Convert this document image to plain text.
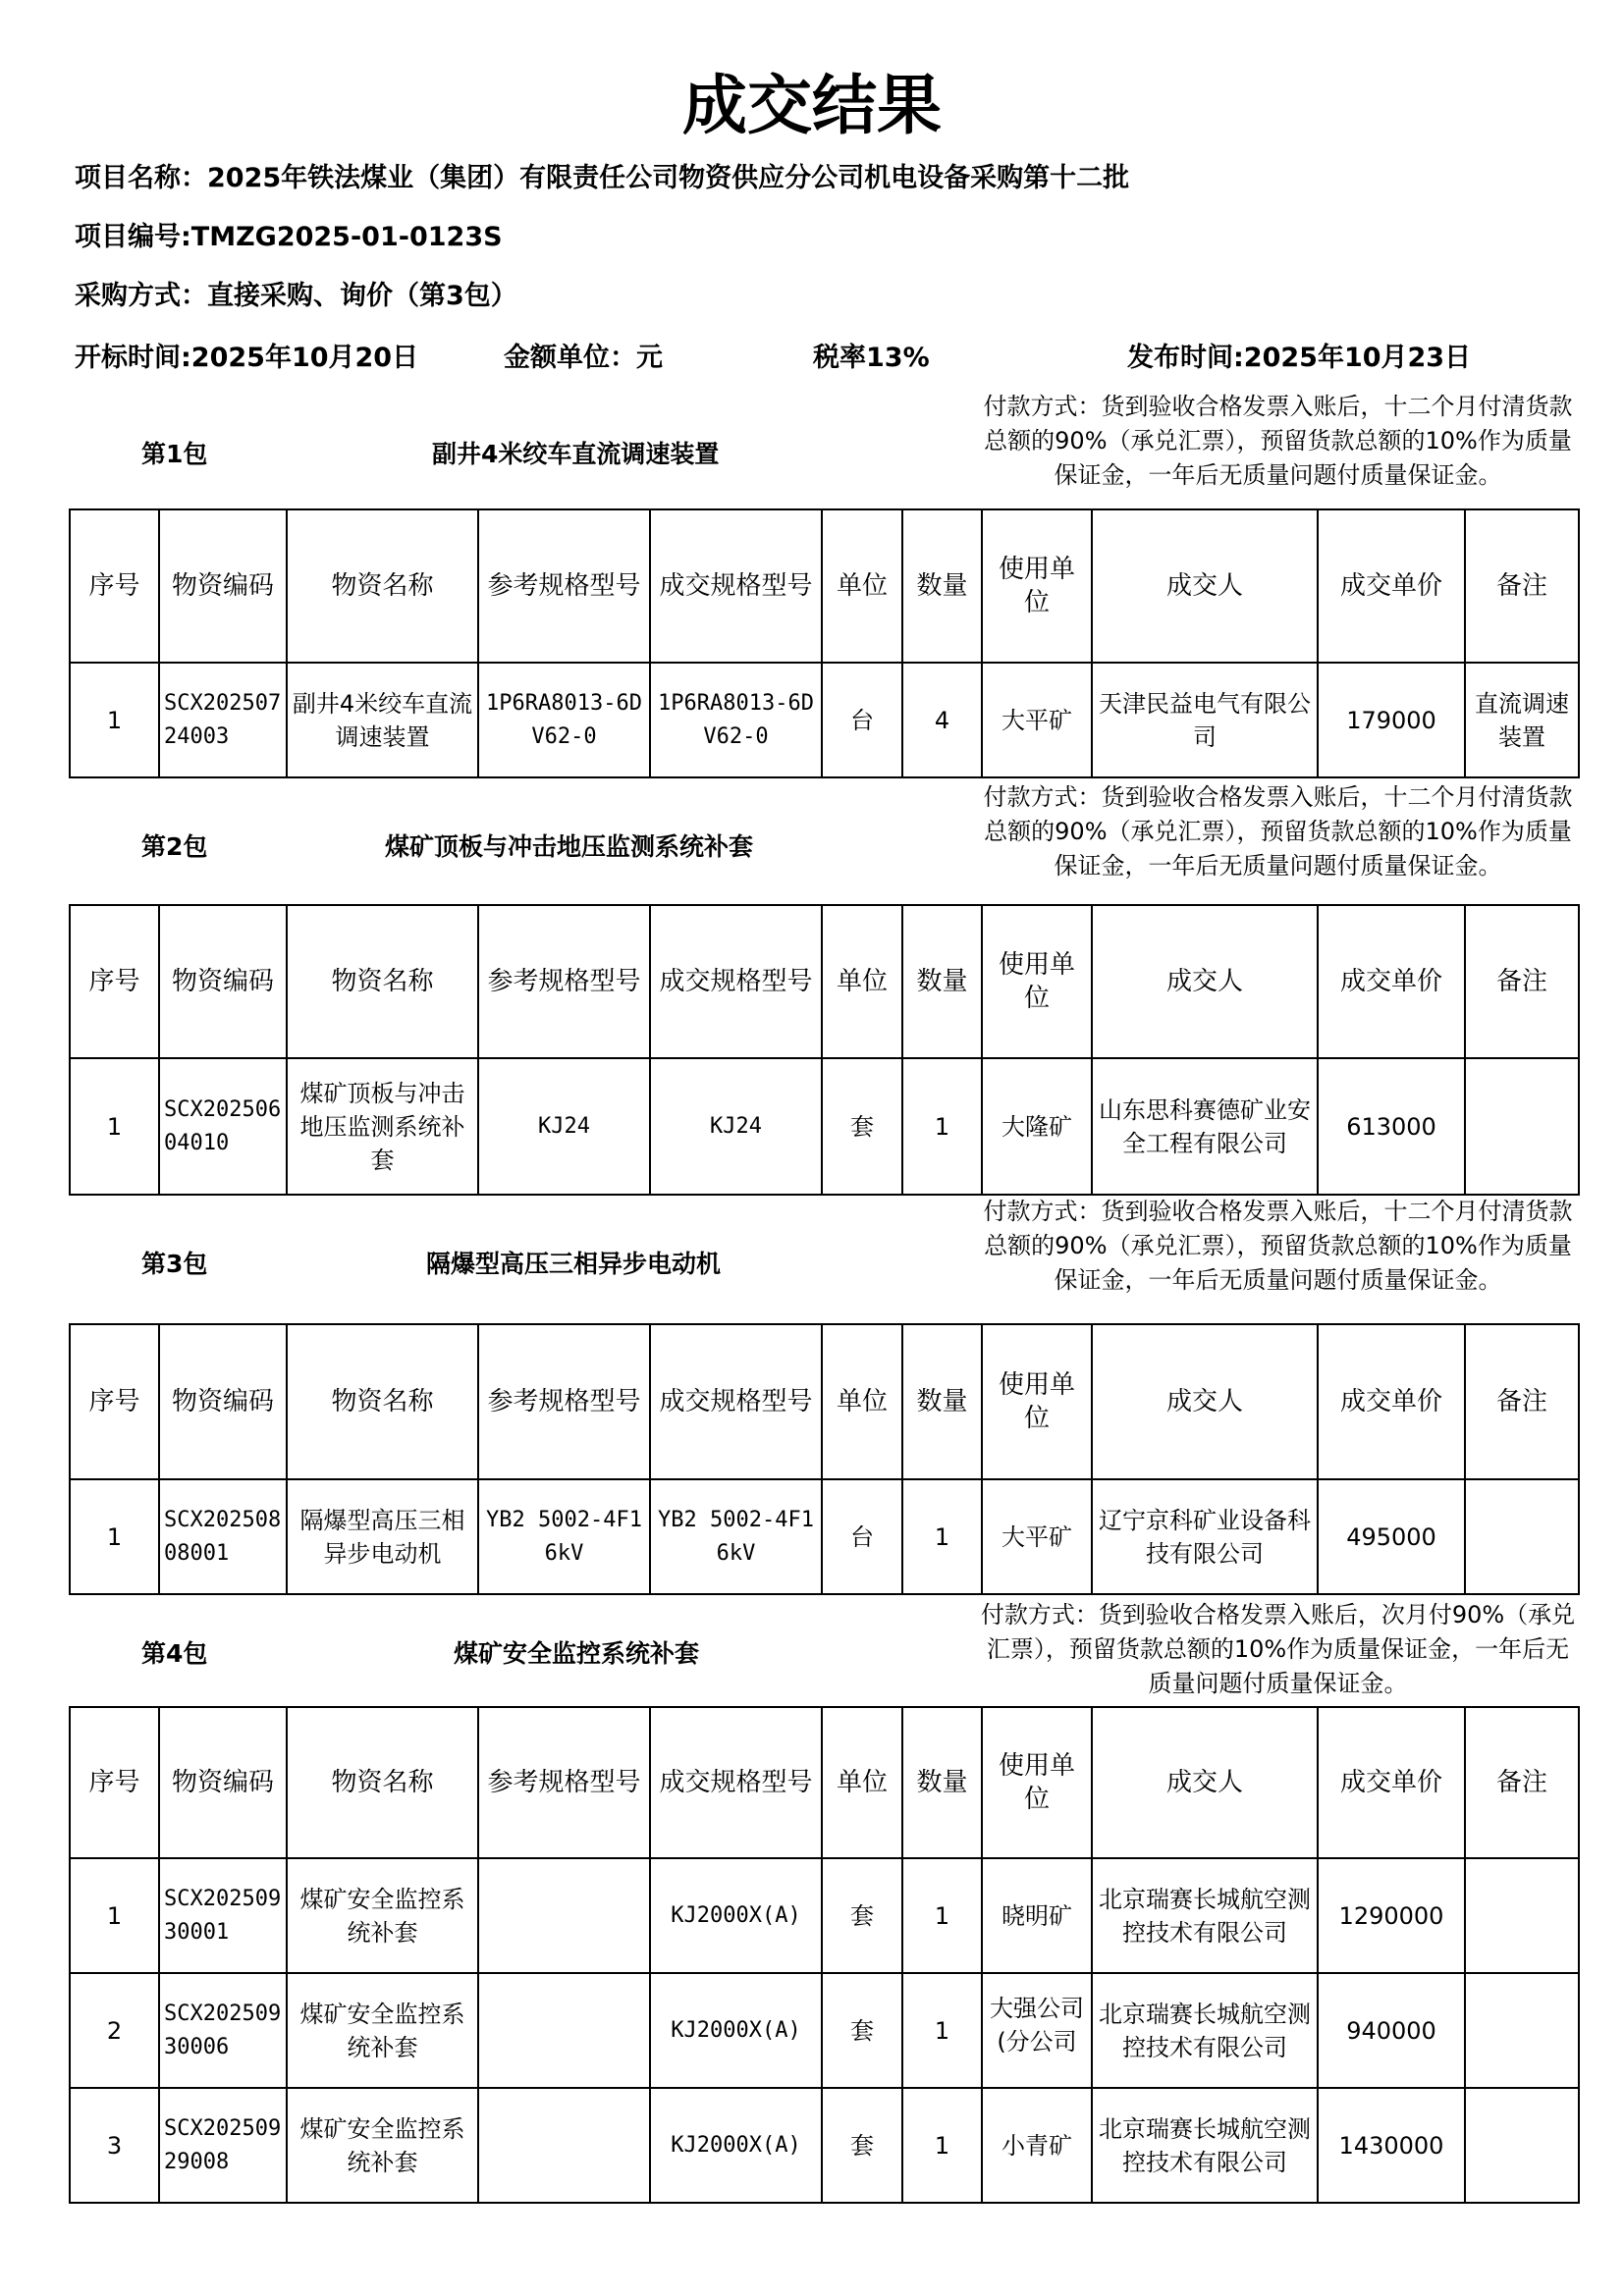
成交结果
项目名称：2025年铁法煤业（集团）有限责任公司物资供应分公司机电设备采购第十二批
项目编号:TMZG2025-01-0123S
采购方式：直接采购、询价（第3包）
开标时间:2025年10月20日	金额单位：元	税率13%	发布时间:2025年10月23日
付款方式：货到验收合格发票入账后，十二个月付清货款总额的90%（承兑汇票），预留货款总额的10%作为质量保证金，一年后无质量问题付质量保证金。
第1包	副井4米绞车直流调速装置
序号	物资编码	物资名称	参考规格型号	成交规格型号	单位	数量	使用单位	成交人	成交单价	备注
1	SCX20250724003	副井4米绞车直流调速装置	1P6RA8013-6DV62-0	1P6RA8013-6DV62-0	台	4	大平矿	天津民益电气有限公司	179000	直流调速装置
付款方式：货到验收合格发票入账后，十二个月付清货款总额的90%（承兑汇票），预留货款总额的10%作为质量保证金，一年后无质量问题付质量保证金。
第2包	煤矿顶板与冲击地压监测系统补套
序号	物资编码	物资名称	参考规格型号	成交规格型号	单位	数量	使用单位	成交人	成交单价	备注
1	SCX20250604010	煤矿顶板与冲击地压监测系统补套	KJ24	KJ24	套	1	大隆矿	山东思科赛德矿业安全工程有限公司	613000	
付款方式：货到验收合格发票入账后，十二个月付清货款总额的90%（承兑汇票），预留货款总额的10%作为质量保证金，一年后无质量问题付质量保证金。
第3包	隔爆型高压三相异步电动机
序号	物资编码	物资名称	参考规格型号	成交规格型号	单位	数量	使用单位	成交人	成交单价	备注
1	SCX20250808001	隔爆型高压三相异步电动机	YB2 5002-4F1 6kV	YB2 5002-4F1 6kV	台	1	大平矿	辽宁京科矿业设备科技有限公司	495000	
付款方式：货到验收合格发票入账后，次月付90%（承兑汇票），预留货款总额的10%作为质量保证金，一年后无质量问题付质量保证金。
第4包	煤矿安全监控系统补套
序号	物资编码	物资名称	参考规格型号	成交规格型号	单位	数量	使用单位	成交人	成交单价	备注
1	SCX20250930001	煤矿安全监控系统补套		KJ2000X(A)	套	1	晓明矿	北京瑞赛长城航空测控技术有限公司	1290000	
2	SCX20250930006	煤矿安全监控系统补套		KJ2000X(A)	套	1	大强公司(分公司	北京瑞赛长城航空测控技术有限公司	940000	
3	SCX20250929008	煤矿安全监控系统补套		KJ2000X(A)	套	1	小青矿	北京瑞赛长城航空测控技术有限公司	1430000	
